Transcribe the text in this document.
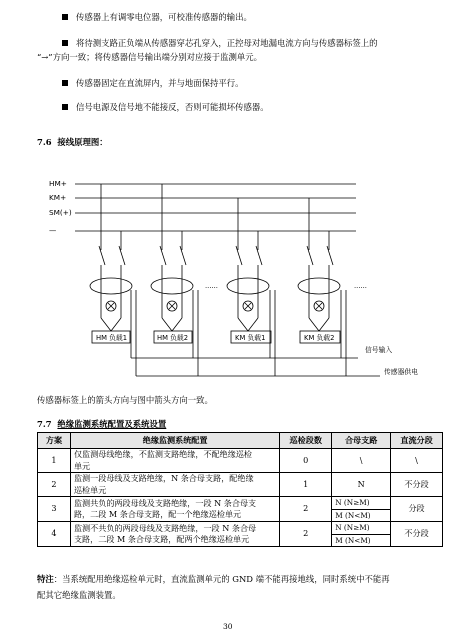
传感器上有调零电位器，可校准传感器的输出。
将待测支路正负端从传感器穿芯孔穿入，正控母对地漏电流方向与传感器标签上的
“→”方向一致；将传感器信号输出端分别对应接于监测单元。
传感器固定在直流屏内，并与地面保持平行。
信号电源及信号地不能接反，否则可能损坏传感器。
7.6 接线原理图：
HM+
KM+
SM(+)
—
HM 负载1	HM 负载2	KM 负载1	KM 负载2
......	......
信号输入
传感器供电
传感器标签上的箭头方向与图中箭头方向一致。
7.7 绝缘监测系统配置及系统设置
方案	绝缘监测系统配置	巡检段数	合母支路	直流分段
1	仅监测母线绝缘，不监测支路绝缘，不配绝缘巡检
单元	0	\	\
2	监测一段母线及支路绝缘，N 条合母支路，配绝缘
巡检单元	1	N	不分段
3	监测共负的两段母线及支路绝缘，一段 N 条合母支
路，二段 M 条合母支路，配一个绝缘巡检单元	2	N (N≥M)	分段
			M (N<M)	
4	监测不共负的两段母线及支路绝缘，一段 N 条合母
支路，二段 M 条合母支路，配两个绝缘巡检单元	2	N (N≥M)	不分段
			M (N<M)	
特注：当系统配用绝缘巡检单元时，直流监测单元的 GND 端不能再接地线，同时系统中不能再
配其它绝缘监测装置。
30
